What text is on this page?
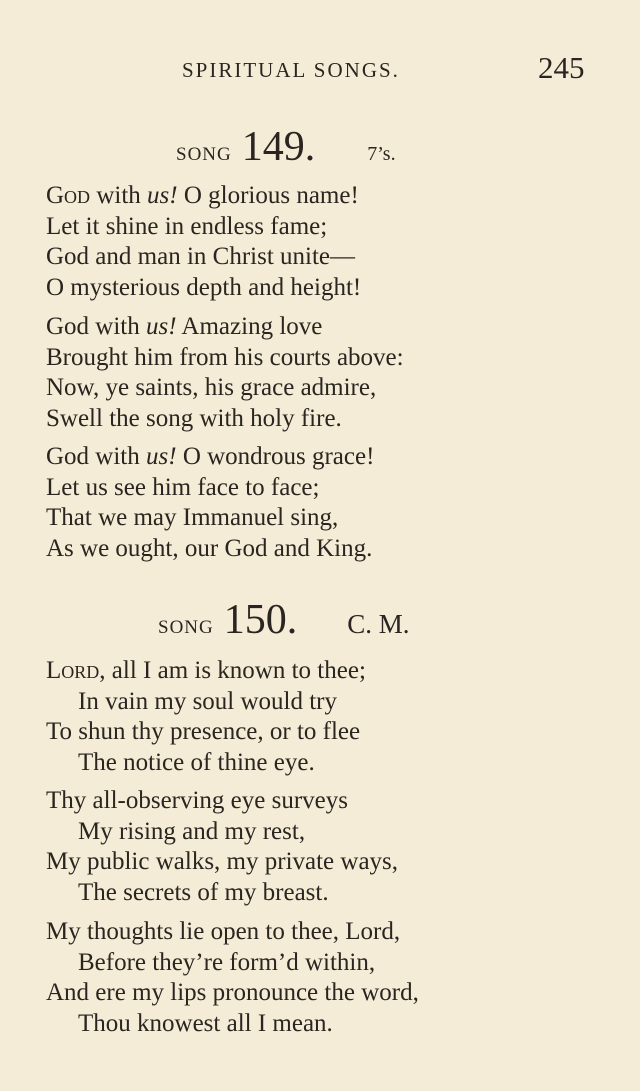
SPIRITUAL SONGS.	245
song 149.	7’s.
God with us! O glorious name!
Let it shine in endless fame;
God and man in Christ unite—
O mysterious depth and height!
God with us! Amazing love
Brought him from his courts above:
Now, ye saints, his grace admire,
Swell the song with holy fire.
God with us! O wondrous grace!
Let us see him face to face;
That we may Immanuel sing,
As we ought, our God and King.
song 150. C. M.
Lord, all I am is known to thee;
In vain my soul would try
To shun thy presence, or to flee
The notice of thine eye.
Thy all-observing eye surveys
My rising and my rest,
My public walks, my private ways,
The secrets of my breast.
My thoughts lie open to thee, Lord,
Before they’re form’d within,
And ere my lips pronounce the word,
Thou knowest all I mean.
